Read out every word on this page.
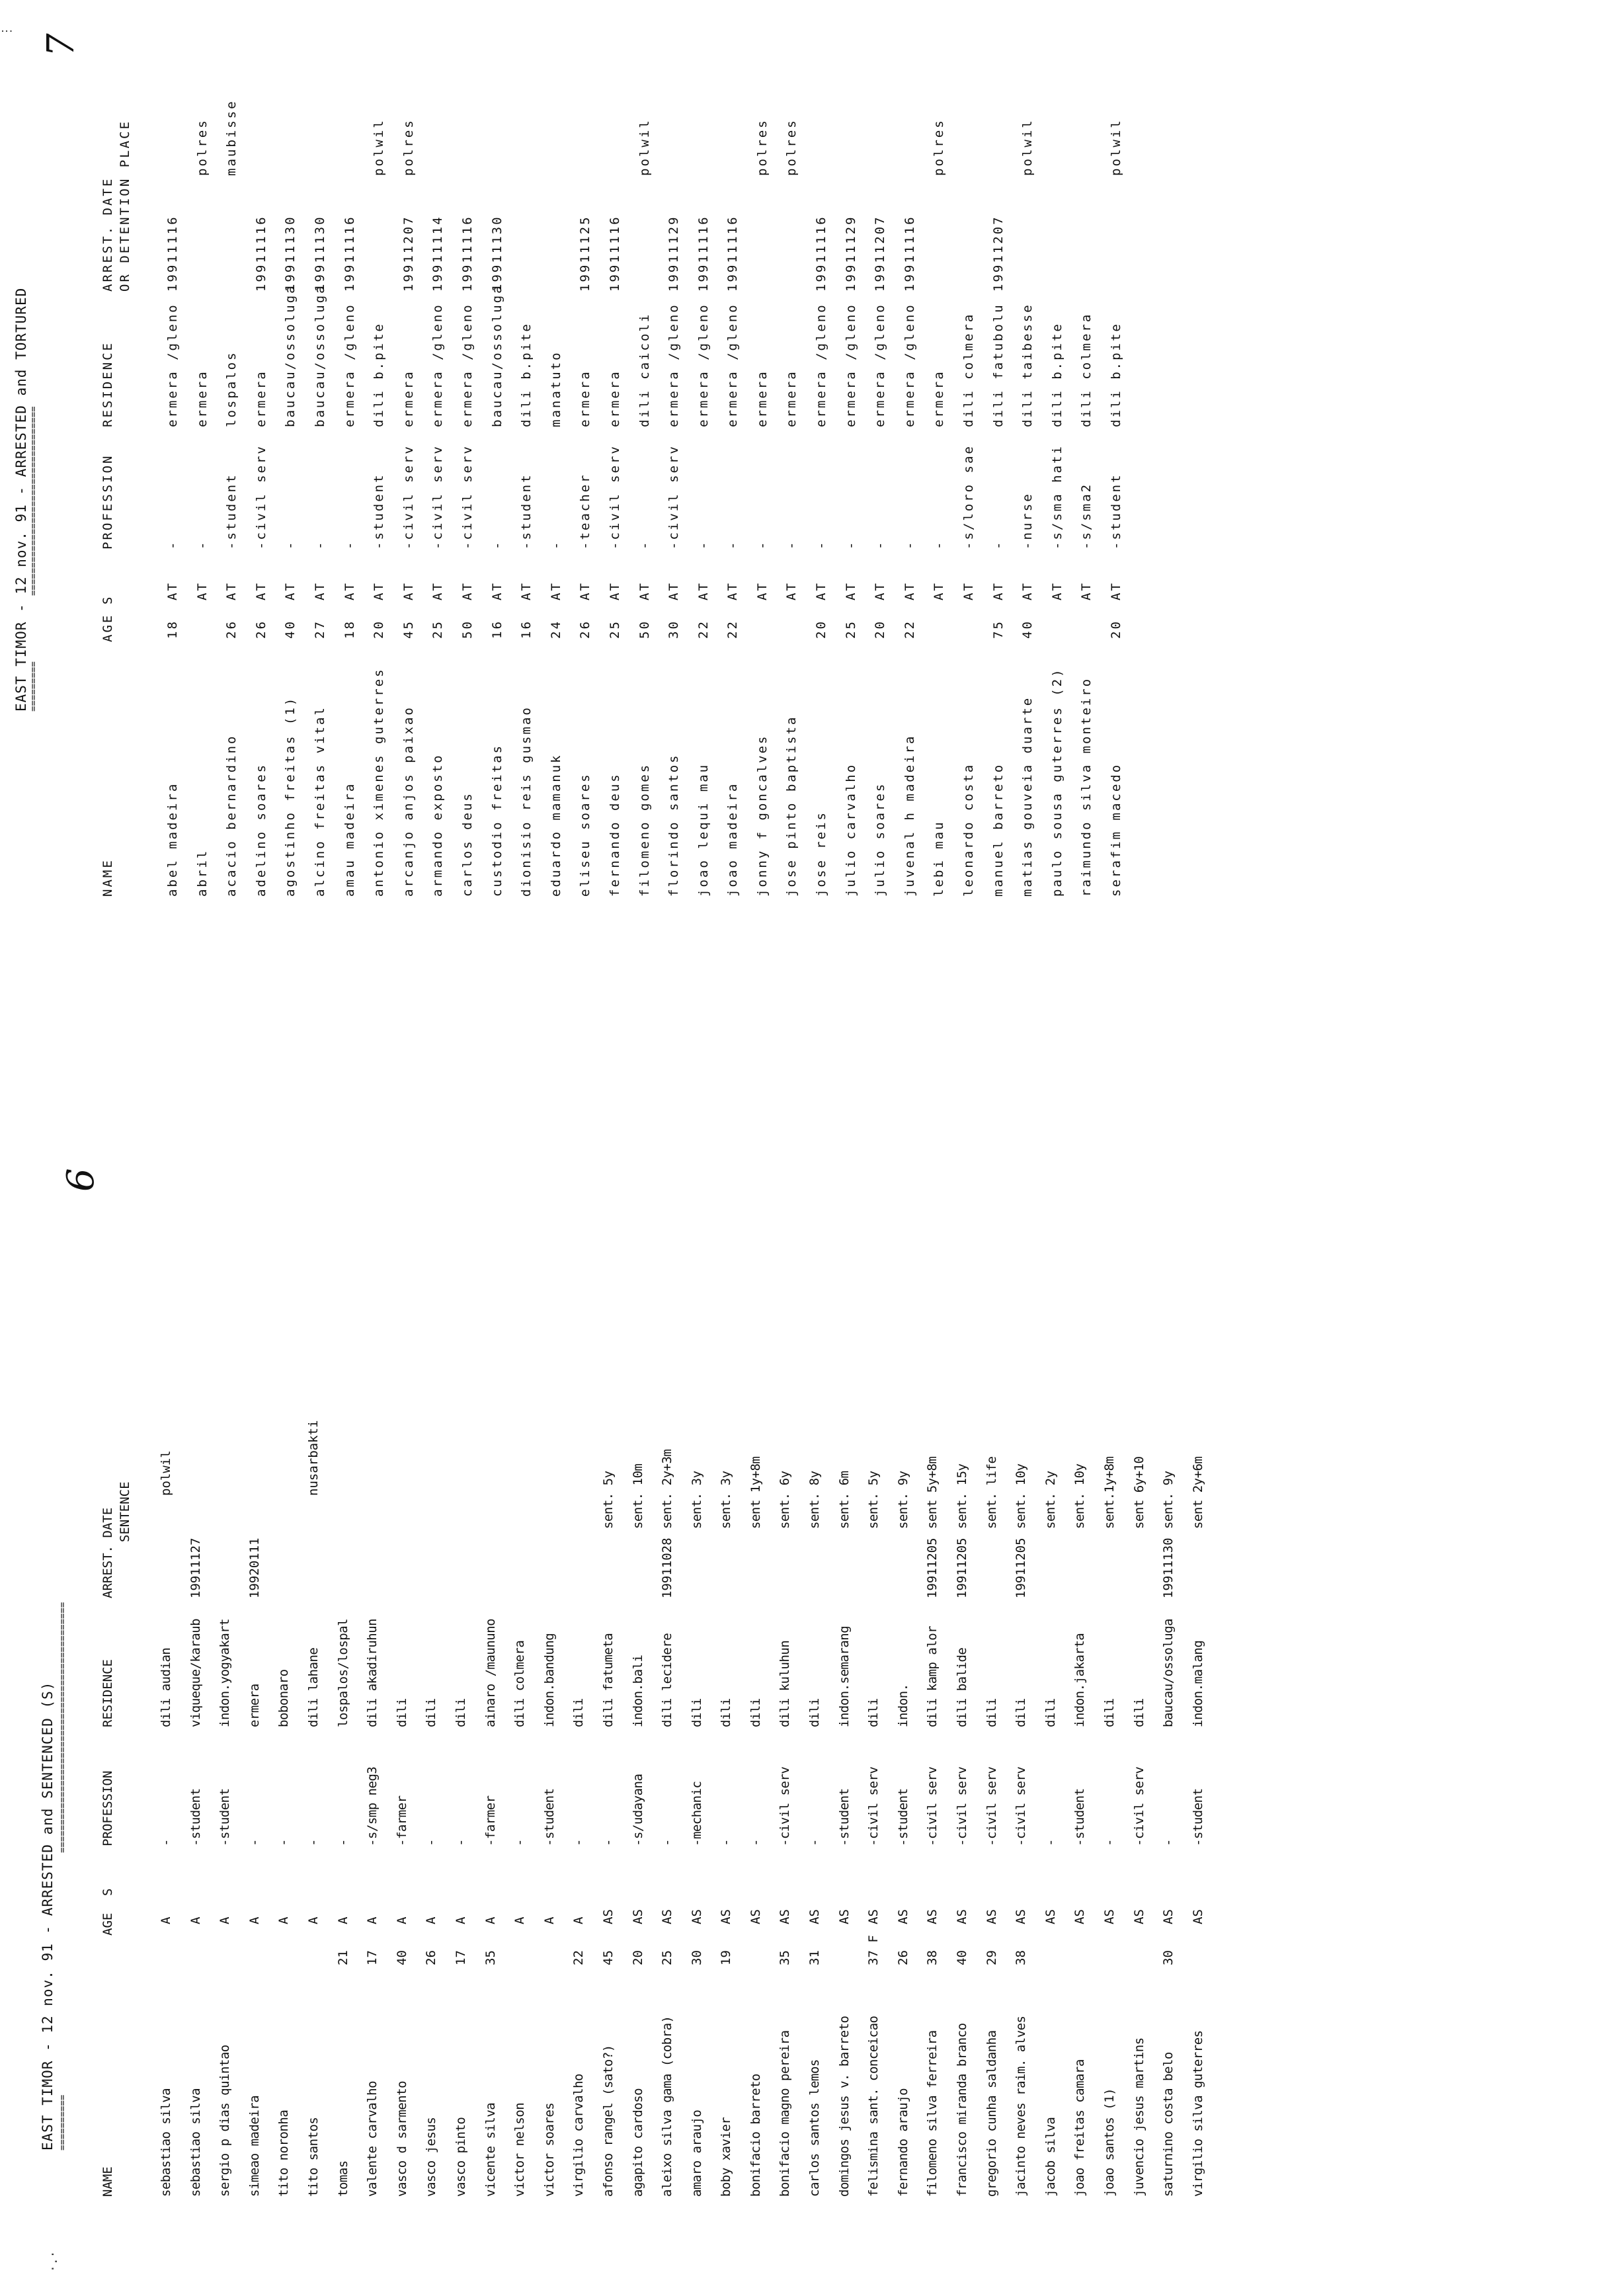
6
·.·
EAST TIMOR - 12 nov. 91 - ARRESTED and SENTENCED (S) ==========
=============================================
NAME
AGE
S
PROFESSION
RESIDENCE
ARREST. DATE SENTENCE
sebastiao silva
A
-
dili audian
polwil
sebastiao silva
A
-student
viqueque/karaub
19911127
sergio p dias quintao
A
-student
indon.yogyakart
simeao madeira
A
-
ermera
19920111
tito noronha
A
-
bobonaro
tito santos
A
-
dili lahane
nusarbakti
tomas
21
A
-
lospalos/lospal
valente carvalho
17
A
-s/smp neg3
dili akadiruhun
vasco d sarmento
40
A
-farmer
dili
vasco jesus
26
A
-
dili
vasco pinto
17
A
-
dili
vicente silva
35
A
-farmer
ainaro /maununo
victor nelson
A
-
dili colmera
victor soares
A
-student
indon.bandung
virgilio carvalho
22
A
-
dili
afonso rangel (sato?)
45
AS
-
dili fatumeta
sent. 5y
agapito cardoso
20
AS
-s/udayana
indon.bali
sent. 10m
aleixo silva gama (cobra)
25
AS
-
dili lecidere
19911028
sent. 2y+3m
amaro araujo
30
AS
-mechanic
dili
sent. 3y
boby xavier
19
AS
-
dili
sent. 3y
bonifacio barreto
AS
-
dili
sent 1y+8m
bonifacio magno pereira
35
AS
-civil serv
dili kuluhun
sent. 6y
carlos santos lemos
31
AS
-
dili
sent. 8y
domingos jesus v. barreto
AS
-student
indon.semarang
sent. 6m
felismina sant. conceicao
37 F
AS
-civil serv
dili
sent. 5y
fernando araujo
26
AS
-student
indon.
sent. 9y
filomeno silva ferreira
38
AS
-civil serv
dili kamp alor
19911205
sent 5y+8m
francisco miranda branco
40
AS
-civil serv
dili balide
19911205
sent. 15y
gregorio cunha saldanha
29
AS
-civil serv
dili
sent. life
jacinto neves raim. alves
38
AS
-civil serv
dili
19911205
sent. 10y
jacob silva
AS
-
dili
sent. 2y
joao freitas camara
AS
-student
indon.jakarta
sent. 10y
joao santos (1)
AS
-
dili
sent.1y+8m
juvencio jesus martins
AS
-civil serv
dili
sent 6y+10
saturnino costa belo
30
AS
-
baucau/ossoluga
19911130
sent. 9y
virgilio silva guterres
AS
-student
indon.malang
sent 2y+6m
7
⋮
EAST TIMOR - 12 nov. 91 - ARRESTED and TORTURED =========
==================================
NAME
AGE
S
PROFESSION
RESIDENCE
ARREST. DATE OR DETENTION PLACE
abel madeira
18
AT
-
ermera /gleno
19911116
abril
AT
-
ermera
polres
acacio bernardino
26
AT
-student
lospalos
maubisse
adelino soares
26
AT
-civil serv
ermera
19911116
agostinho freitas (1)
40
AT
-
baucau/ossoluga
19911130
alcino freitas vital
27
AT
-
baucau/ossoluga
19911130
amau madeira
18
AT
-
ermera /gleno
19911116
antonio ximenes guterres
20
AT
-student
dili b.pite
polwil
arcanjo anjos paixao
45
AT
-civil serv
ermera
19911207
polres
armando exposto
25
AT
-civil serv
ermera /gleno
19911114
carlos deus
50
AT
-civil serv
ermera /gleno
19911116
custodio freitas
16
AT
-
baucau/ossoluga
19911130
dionisio reis gusmao
16
AT
-student
dili b.pite
eduardo mamanuk
24
AT
-
manatuto
eliseu soares
26
AT
-teacher
ermera
19911125
fernando deus
25
AT
-civil serv
ermera
19911116
filomeno gomes
50
AT
-
dili caicoli
polwil
florindo santos
30
AT
-civil serv
ermera /gleno
19911129
joao lequi mau
22
AT
-
ermera /gleno
19911116
joao madeira
22
AT
-
ermera /gleno
19911116
jonny f goncalves
AT
-
ermera
polres
jose pinto baptista
AT
-
ermera
polres
jose reis
20
AT
-
ermera /gleno
19911116
julio carvalho
25
AT
-
ermera /gleno
19911129
julio soares
20
AT
-
ermera /gleno
19911207
juvenal h madeira
22
AT
-
ermera /gleno
19911116
lebi mau
AT
-
ermera
polres
leonardo costa
AT
-s/loro sae
dili colmera
manuel barreto
75
AT
-
dili fatubolu
19911207
matias gouveia duarte
40
AT
-nurse
dili taibesse
polwil
paulo sousa guterres (2)
AT
-s/sma hati
dili b.pite
raimundo silva monteiro
AT
-s/sma2
dili colmera
serafim macedo
20
AT
-student
dili b.pite
polwil
